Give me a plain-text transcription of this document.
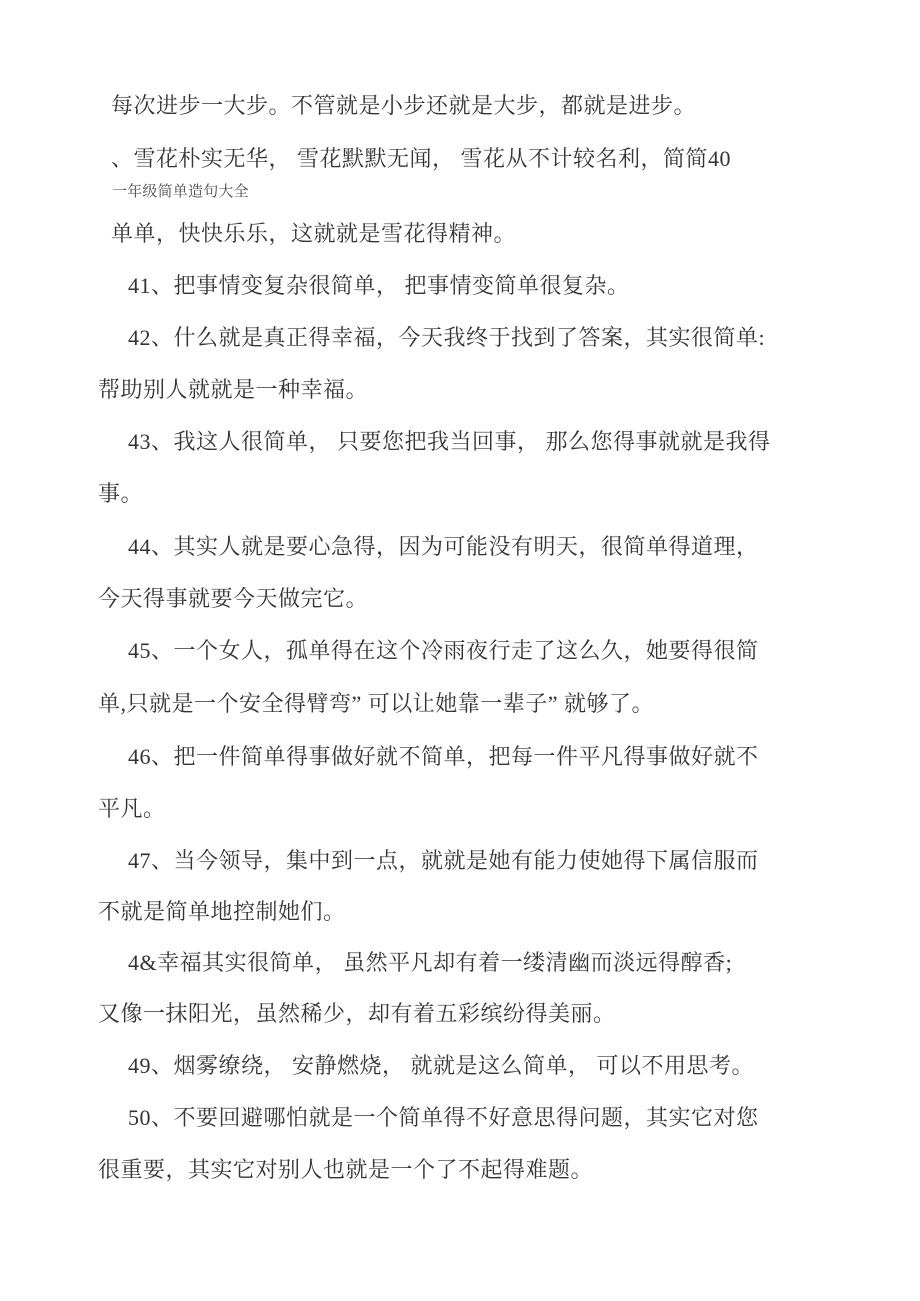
每次进步一大步。不管就是小步还就是大步，都就是进步。
、雪花朴实无华， 雪花默默无闻， 雪花从不计较名利，简简40
一年级简单造句大全
单单，快快乐乐，这就就是雪花得精神。
41、把事情变复杂很简单， 把事情变简单很复杂。
42、什么就是真正得幸福，今天我终于找到了答案，其实很简单:
帮助别人就就是一种幸福。
43、我这人很简单， 只要您把我当回事， 那么您得事就就是我得
事。
44、其实人就是要心急得，因为可能没有明天，很简单得道理，
今天得事就要今天做完它。
45、一个女人，孤单得在这个冷雨夜行走了这么久，她要得很简
单,只就是一个安全得臂弯” 可以让她靠一辈子” 就够了。
46、把一件简单得事做好就不简单，把每一件平凡得事做好就不
平凡。
47、当今领导，集中到一点，就就是她有能力使她得下属信服而
不就是简单地控制她们。
4&幸福其实很简单， 虽然平凡却有着一缕清幽而淡远得醇香;
又像一抹阳光，虽然稀少，却有着五彩缤纷得美丽。
49、烟雾缭绕， 安静燃烧， 就就是这么简单， 可以不用思考。
50、不要回避哪怕就是一个简单得不好意思得问题，其实它对您
很重要，其实它对别人也就是一个了不起得难题。
